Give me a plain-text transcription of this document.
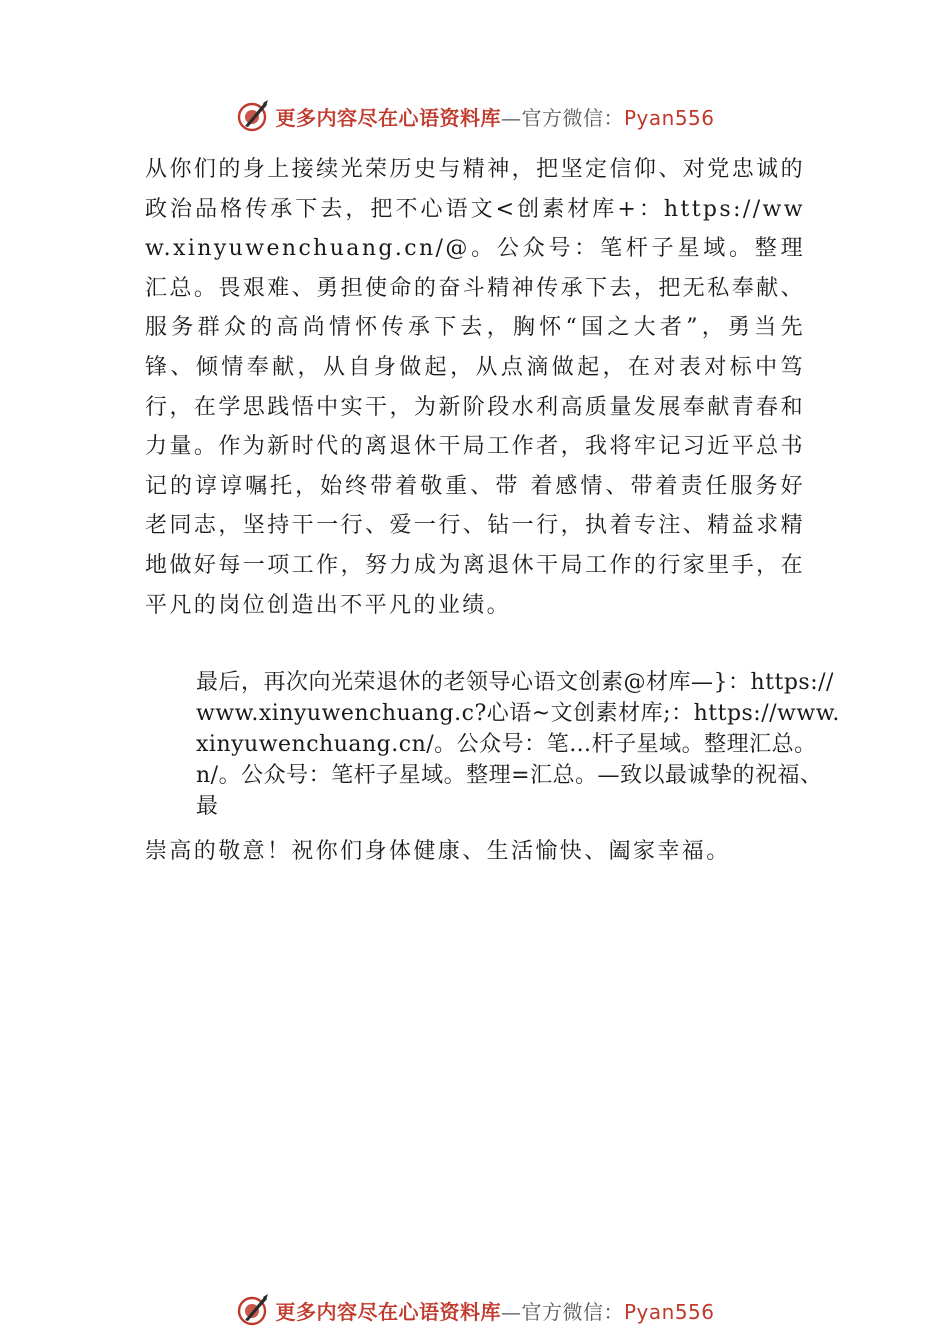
更多内容尽在心语资料库—官方微信：Pyan556

从你们的身上接续光荣历史与精神，把坚定信仰、对党忠诚的政治品格传承下去，把不心语文<创素材库+：https://www.xinyuwenchuang.cn/@。公众号：笔杆子星域。整理汇总。畏艰难、勇担使命的奋斗精神传承下去，把无私奉献、服务群众的高尚情怀传承下去，胸怀“国之大者”，勇当先锋、倾情奉献，从自身做起，从点滴做起，在对表对标中笃行，在学思践悟中实干，为新阶段水利高质量发展奉献青春和力量。作为新时代的离退休干局工作者，我将牢记习近平总书记的谆谆嘱托，始终带着敬重、带 着感情、带着责任服务好老同志，坚持干一行、爱一行、钻一行，执着专注、精益求精地做好每一项工作，努力成为离退休干局工作的行家里手，在平凡的岗位创造出不平凡的业绩。

最后，再次向光荣退休的老领导心语文创素@材库—}：https://www.xinyuwenchuang.c?心语~文创素材库;：https://www.xinyuwenchuang.cn/。公众号：笔…杆子星域。整理汇总。n/。公众号：笔杆子星域。整理=汇总。—致以最诚挚的祝福、最

崇高的敬意！祝你们身体健康、生活愉快、阖家幸福。

更多内容尽在心语资料库—官方微信：Pyan556
